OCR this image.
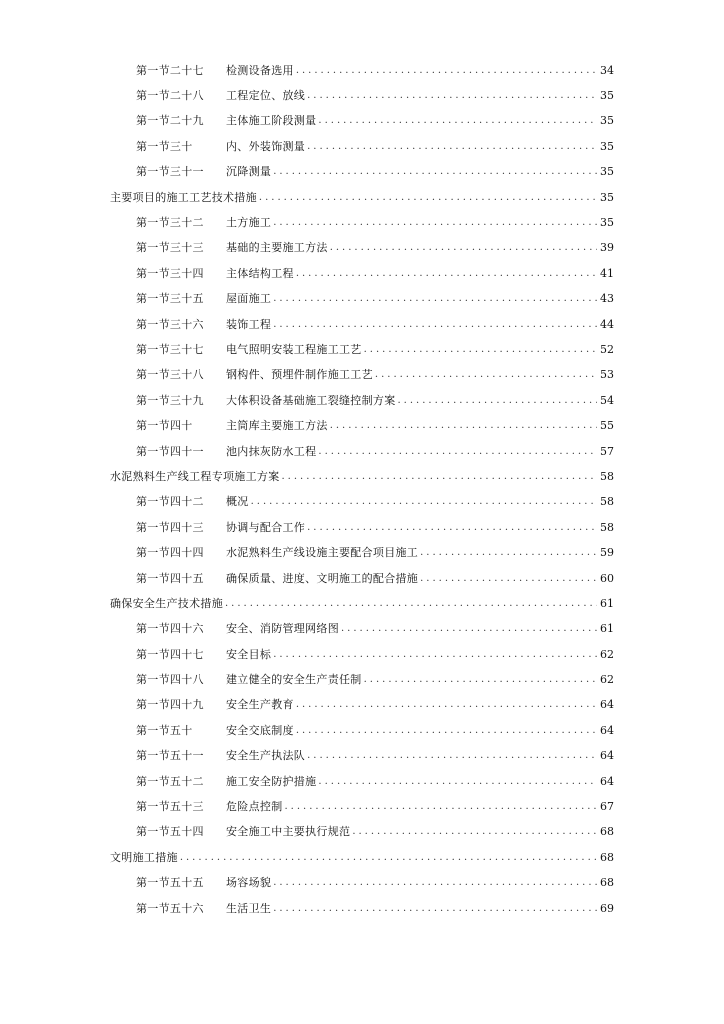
第一节二十七	检测设备选用 .....	34
第一节二十八	工程定位、放线 .....	35
第一节二十九	主体施工阶段测量 .....	35
第一节三十	内、外装饰测量 .....	35
第一节三十一	沉降测量 .....	35
主要项目的施工工艺技术措施 .....	35
第一节三十二	土方施工 .....	35
第一节三十三	基础的主要施工方法 .....	39
第一节三十四	主体结构工程 .....	41
第一节三十五	屋面施工 .....	43
第一节三十六	装饰工程 .....	44
第一节三十七	电气照明安装工程施工工艺 .....	52
第一节三十八	钢构件、预埋件制作施工工艺 .....	53
第一节三十九	大体积设备基础施工裂缝控制方案 .....	54
第一节四十	主筒库主要施工方法 .....	55
第一节四十一	池内抹灰防水工程 .....	57
水泥熟料生产线工程专项施工方案 .....	58
第一节四十二	概况 .....	58
第一节四十三	协调与配合工作 .....	58
第一节四十四	水泥熟料生产线设施主要配合项目施工 .....	59
第一节四十五	确保质量、进度、文明施工的配合措施 .....	60
确保安全生产技术措施 .....	61
第一节四十六	安全、消防管理网络图 .....	61
第一节四十七	安全目标 .....	62
第一节四十八	建立健全的安全生产责任制 .....	62
第一节四十九	安全生产教育 .....	64
第一节五十	安全交底制度 .....	64
第一节五十一	安全生产执法队 .....	64
第一节五十二	施工安全防护措施 .....	64
第一节五十三	危险点控制 .....	67
第一节五十四	安全施工中主要执行规范 .....	68
文明施工措施 .....	68
第一节五十五	场容场貌 .....	68
第一节五十六	生活卫生 .....	69
